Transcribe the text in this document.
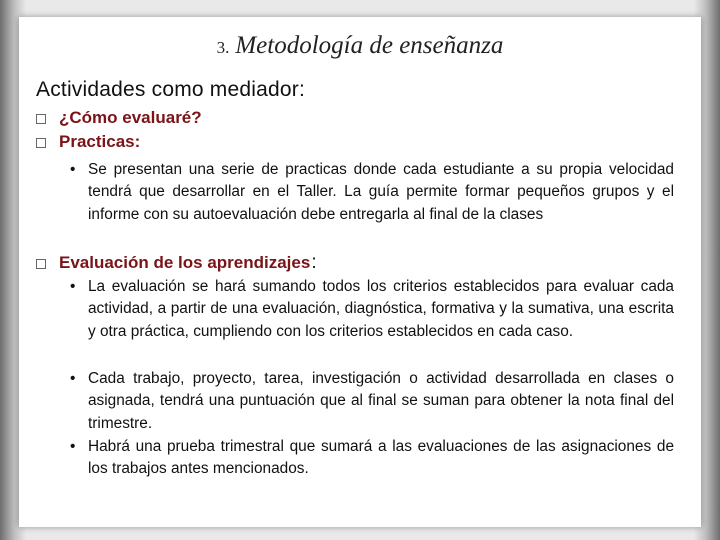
3. Metodología de enseñanza
Actividades como mediador:
¿Cómo evaluaré?
Practicas:
• Se presentan una serie de practicas donde cada estudiante a su propia velocidad tendrá que desarrollar en el Taller. La guía permite formar pequeños grupos y el informe con su autoevaluación debe entregarla al final de la clases
Evaluación de los aprendizajes :
• La evaluación se hará sumando todos los criterios establecidos para evaluar cada actividad, a partir de una evaluación, diagnóstica, formativa y la sumativa, una escrita y otra práctica, cumpliendo con los criterios establecidos en cada caso.
• Cada trabajo, proyecto, tarea, investigación o actividad desarrollada en clases o asignada, tendrá una puntuación que al final se suman para obtener la nota final del trimestre.
• Habrá una prueba trimestral que sumará a las evaluaciones de las asignaciones de los trabajos antes mencionados.
